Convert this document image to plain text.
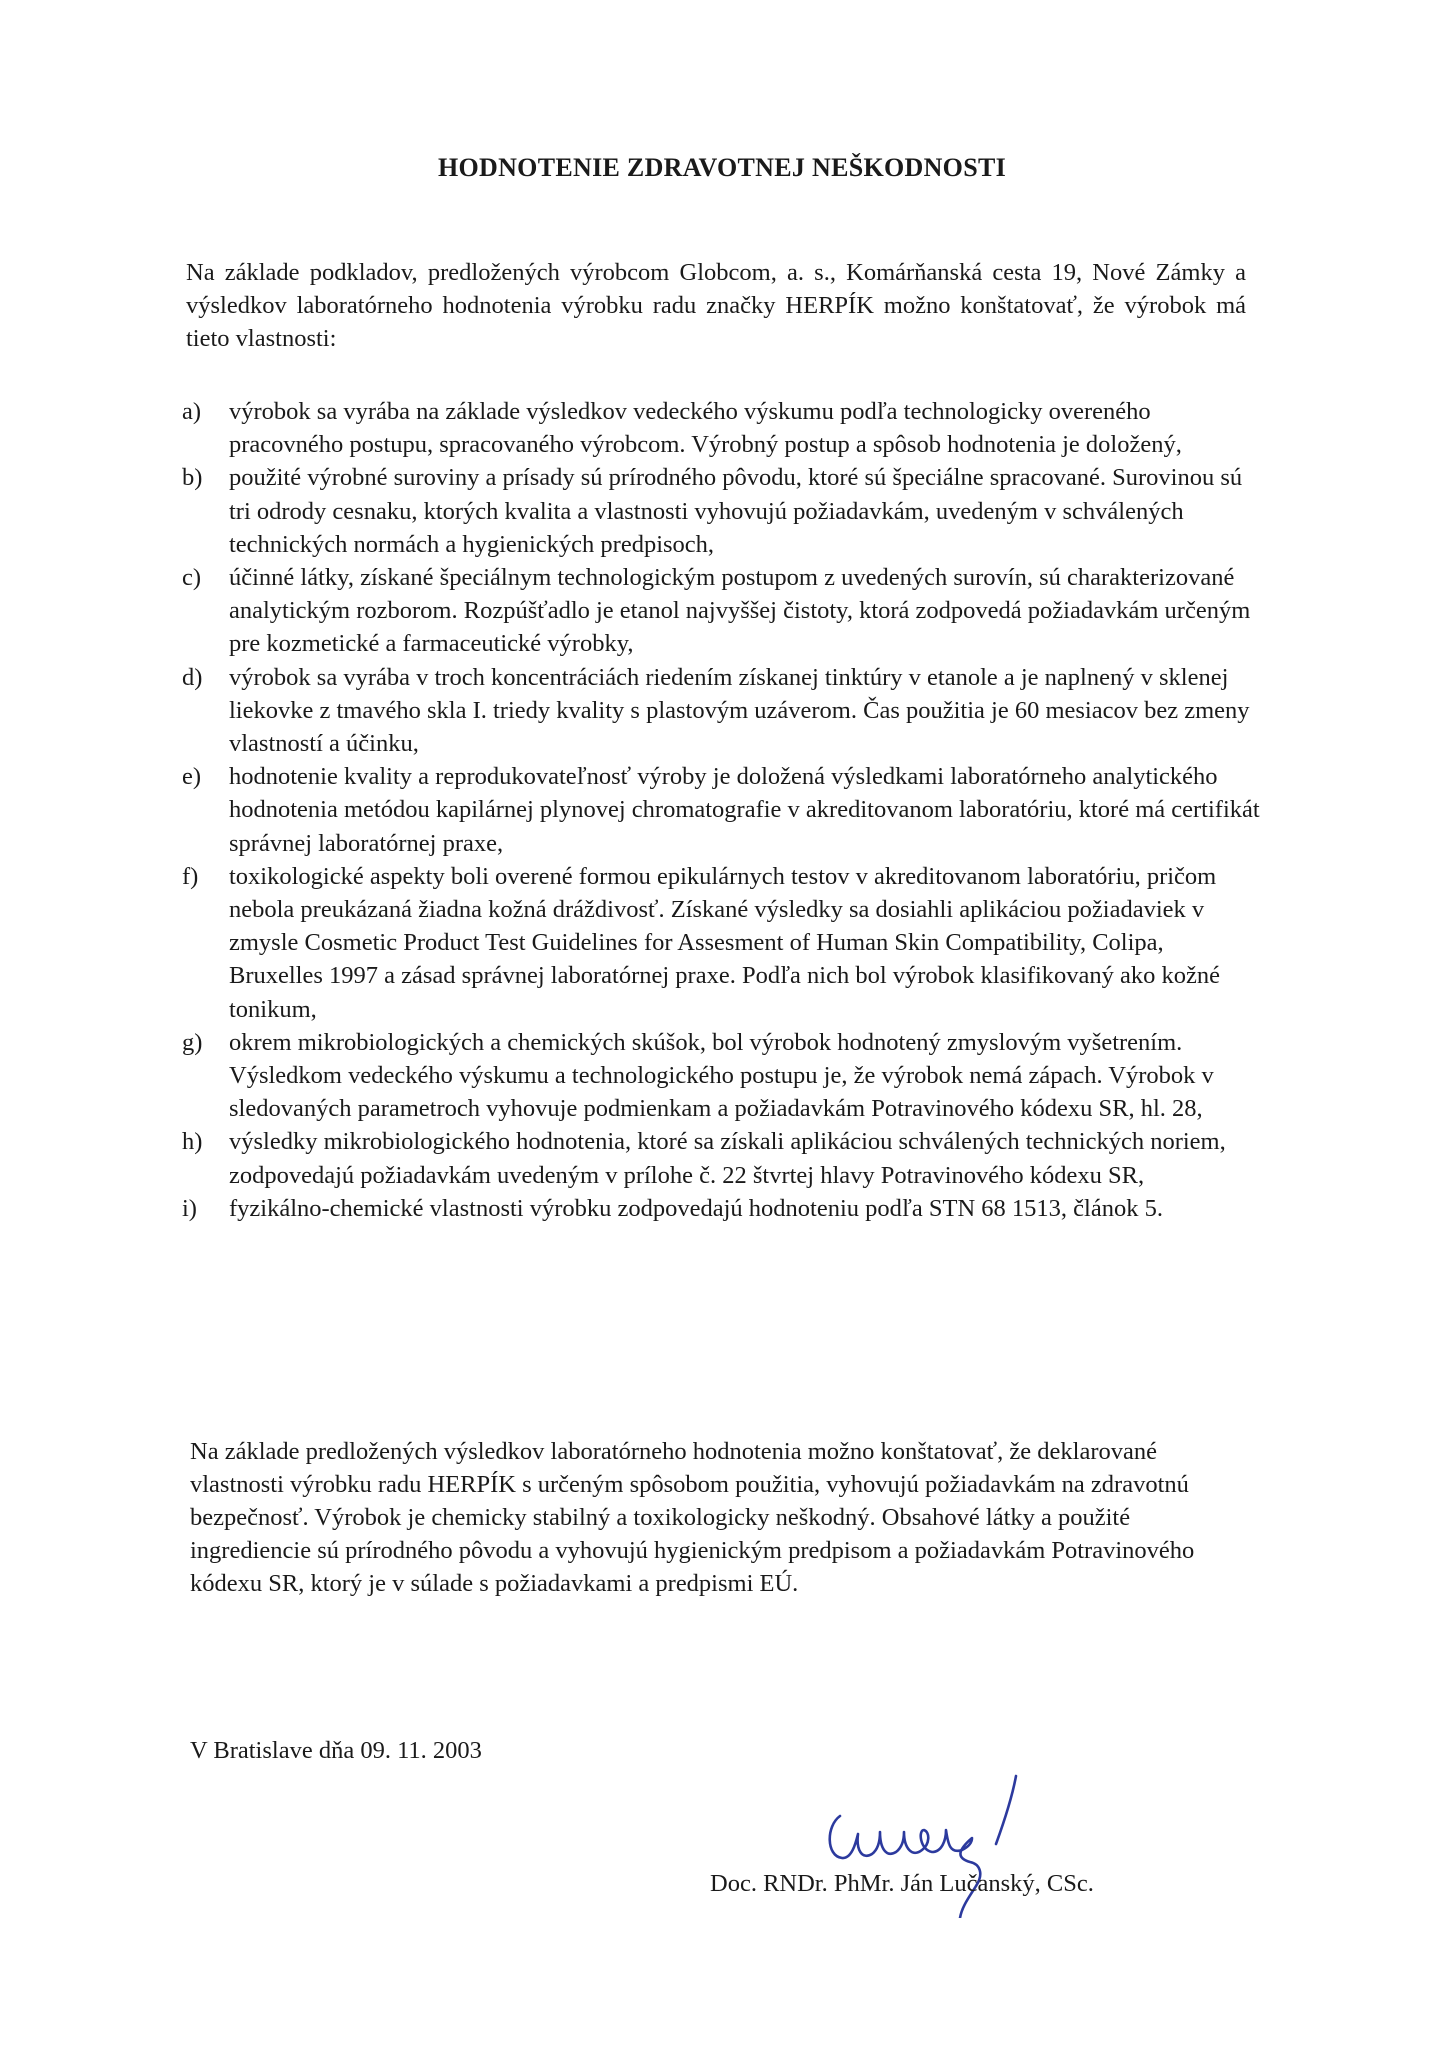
HODNOTENIE ZDRAVOTNEJ NEŠKODNOSTI
Na základe podkladov, predložených výrobcom Globcom, a. s., Komárňanská cesta 19, Nové Zámky a výsledkov laboratórneho hodnotenia výrobku radu značky HERPÍK možno konštatovať, že výrobok má tieto vlastnosti:
a) výrobok sa vyrába na základe výsledkov vedeckého výskumu podľa technologicky overeného pracovného postupu, spracovaného výrobcom. Výrobný postup a spôsob hodnotenia je doložený,
b) použité výrobné suroviny a prísady sú prírodného pôvodu, ktoré sú špeciálne spracované. Surovinou sú tri odrody cesnaku, ktorých kvalita a vlastnosti vyhovujú požiadavkám, uvedeným v schválených technických normách a hygienických predpisoch,
c) účinné látky, získané špeciálnym technologickým postupom z uvedených surovín, sú charakterizované analytickým rozborom. Rozpúšťadlo je etanol najvyššej čistoty, ktorá zodpovedá požiadavkám určeným pre kozmetické a farmaceutické výrobky,
d) výrobok sa vyrába v troch koncentráciách riedením získanej tinktúry v etanole a je naplnený v sklenej liekovke z tmavého skla I. triedy kvality s plastovým uzáverom. Čas použitia je 60 mesiacov bez zmeny vlastností a účinku,
e) hodnotenie kvality a reprodukovateľnosť výroby je doložená výsledkami laboratórneho analytického hodnotenia metódou kapilárnej plynovej chromatografie v akreditovanom laboratóriu, ktoré má certifikát správnej laboratórnej praxe,
f) toxikologické aspekty boli overené formou epikulárnych testov v akreditovanom laboratóriu, pričom nebola preukázaná žiadna kožná dráždivosť. Získané výsledky sa dosiahli aplikáciou požiadaviek v zmysle Cosmetic Product Test Guidelines for Assesment of Human Skin Compatibility, Colipa, Bruxelles 1997 a zásad správnej laboratórnej praxe. Podľa nich bol výrobok klasifikovaný ako kožné tonikum,
g) okrem mikrobiologických a chemických skúšok, bol výrobok hodnotený zmyslovým vyšetrením. Výsledkom vedeckého výskumu a technologického postupu je, že výrobok nemá zápach. Výrobok v sledovaných parametroch vyhovuje podmienkam a požiadavkám Potravinového kódexu SR, hl. 28,
h) výsledky mikrobiologického hodnotenia, ktoré sa získali aplikáciou schválených technických noriem, zodpovedajú požiadavkám uvedeným v prílohe č. 22 štvrtej hlavy Potravinového kódexu SR,
i) fyzikálno-chemické vlastnosti výrobku zodpovedajú hodnoteniu podľa STN 68 1513, článok 5.
Na základe predložených výsledkov laboratórneho hodnotenia možno konštatovať, že deklarované vlastnosti výrobku radu HERPÍK s určeným spôsobom použitia, vyhovujú požiadavkám na zdravotnú bezpečnosť. Výrobok je chemicky stabilný a toxikologicky neškodný. Obsahové látky a použité ingrediencie sú prírodného pôvodu a vyhovujú hygienickým predpisom a požiadavkám Potravinového kódexu SR, ktorý je v súlade s požiadavkami a predpismi EÚ.
V Bratislave dňa 09. 11. 2003
Doc. RNDr. PhMr. Ján Lučanský, CSc.
